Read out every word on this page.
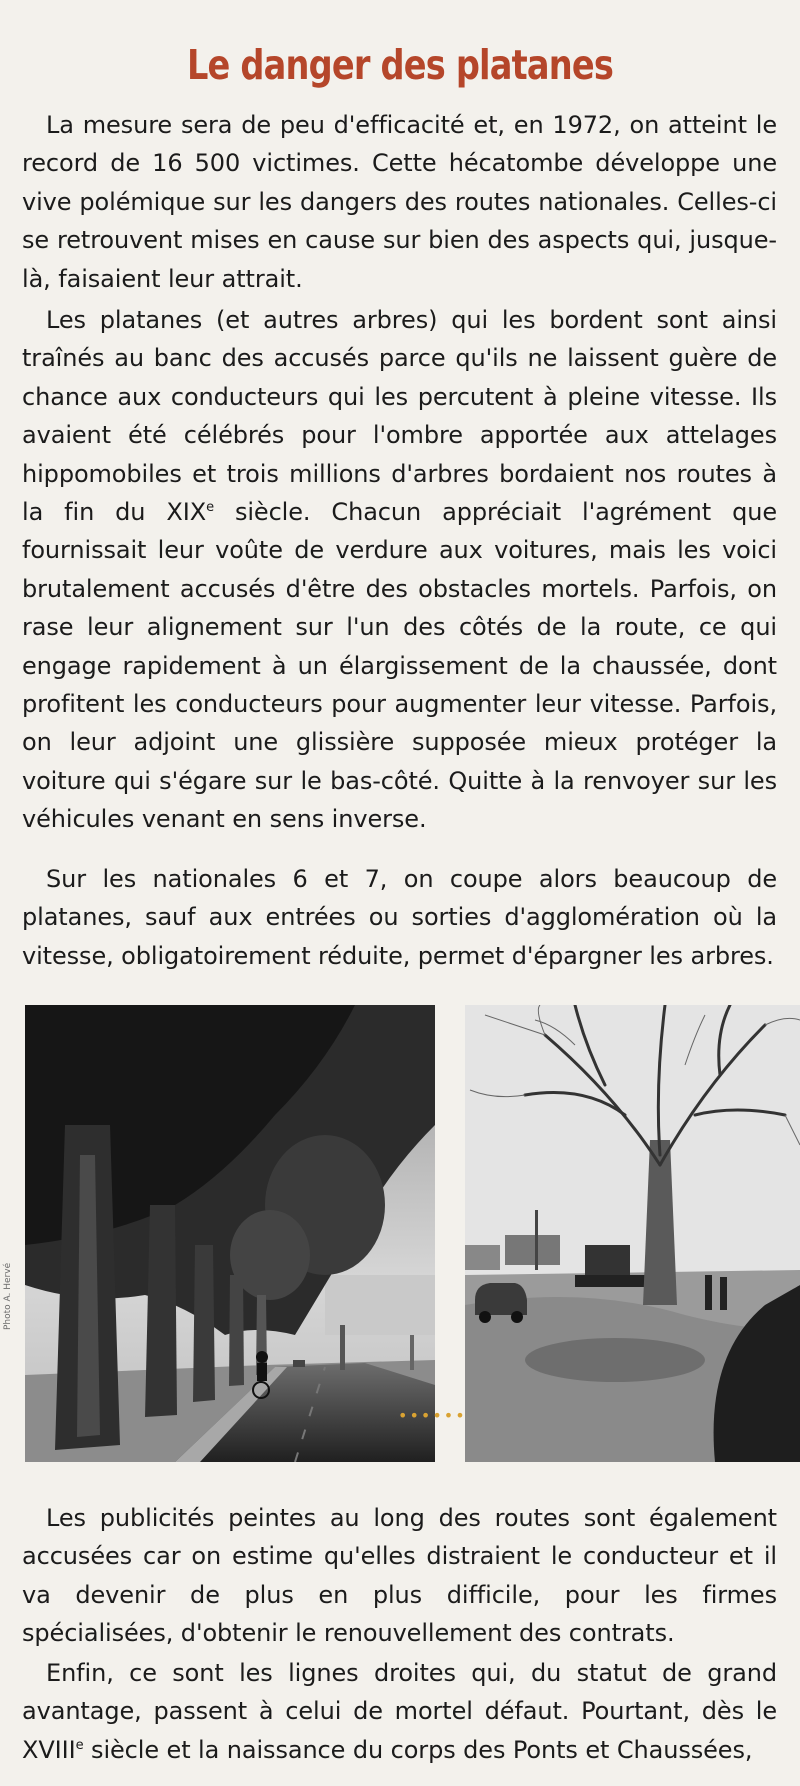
Le danger des platanes

La mesure sera de peu d'efficacité et, en 1972, on atteint le record de 16 500 victimes. Cette hécatombe développe une vive polémique sur les dangers des routes nationales. Celles-ci se retrouvent mises en cause sur bien des aspects qui, jusque-là, faisaient leur attrait.

Les platanes (et autres arbres) qui les bordent sont ainsi traînés au banc des accusés parce qu'ils ne laissent guère de chance aux conducteurs qui les percutent à pleine vitesse. Ils avaient été célébrés pour l'ombre apportée aux attelages hippomobiles et trois millions d'arbres bordaient nos routes à la fin du XIXe siècle. Chacun appréciait l'agrément que fournissait leur voûte de verdure aux voitures, mais les voici brutalement accusés d'être des obstacles mortels. Parfois, on rase leur alignement sur l'un des côtés de la route, ce qui engage rapidement à un élargissement de la chaussée, dont profitent les conducteurs pour augmenter leur vitesse. Parfois, on leur adjoint une glissière supposée mieux protéger la voiture qui s'égare sur le bas-côté. Quitte à la renvoyer sur les véhicules venant en sens inverse.

Sur les nationales 6 et 7, on coupe alors beaucoup de platanes, sauf aux entrées ou sorties d'agglomération où la vitesse, obligatoirement réduite, permet d'épargner les arbres.

Photo A. Hervé
••••••

Les publicités peintes au long des routes sont également accusées car on estime qu'elles distraient le conducteur et il va devenir de plus en plus difficile, pour les firmes spécialisées, d'obtenir le renouvellement des contrats.

Enfin, ce sont les lignes droites qui, du statut de grand avantage, passent à celui de mortel défaut. Pourtant, dès le XVIIIe siècle et la naissance du corps des Ponts et Chaussées,
